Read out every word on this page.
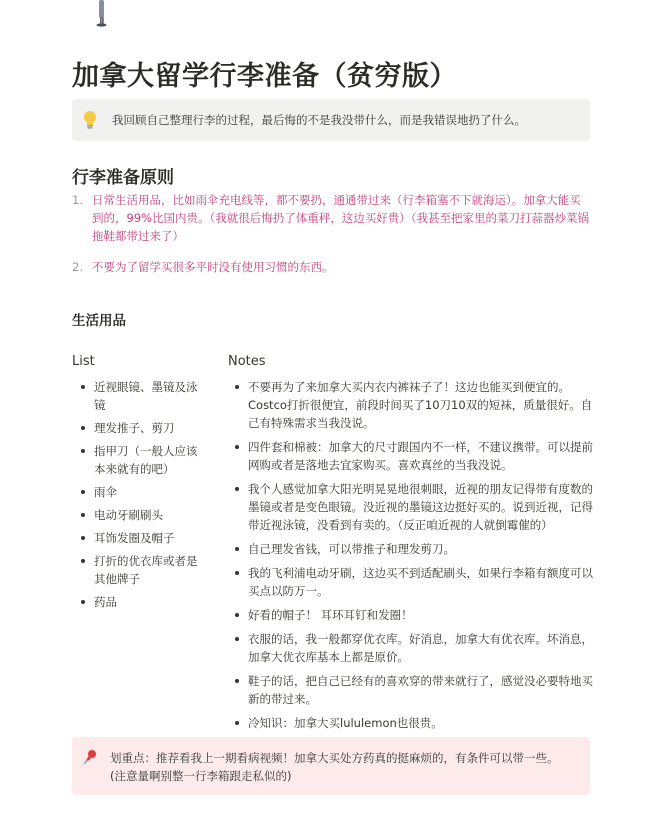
加拿大留学行李准备（贫穷版）
我回顾自己整理行李的过程，最后悔的不是我没带什么，而是我错误地扔了什么。
行李准备原则
1. 日常生活用品，比如雨伞充电线等，都不要扔，通通带过来（行李箱塞不下就海运）。加拿大能买到的，99%比国内贵。（我就很后悔扔了体重秤，这边买好贵）（我甚至把家里的菜刀打蒜器炒菜锅拖鞋都带过来了）
2. 不要为了留学买很多平时没有使用习惯的东西。
生活用品
List	Notes
近视眼镜、墨镜及泳镜
理发推子、剪刀
指甲刀（一般人应该本来就有的吧）
雨伞
电动牙刷刷头
耳饰发圈及帽子
打折的优衣库或者是其他牌子
药品
不要再为了来加拿大买内衣内裤袜子了！这边也能买到便宜的。Costco打折很便宜，前段时间买了10刀10双的短袜，质量很好。自己有特殊需求当我没说。
四件套和棉被：加拿大的尺寸跟国内不一样，不建议携带。可以提前网购或者是落地去宜家购买。喜欢真丝的当我没说。
我个人感觉加拿大阳光明晃晃地很刺眼，近视的朋友记得带有度数的墨镜或者是变色眼镜。没近视的墨镜这边挺好买的。说到近视，记得带近视泳镜，没看到有卖的。（反正咱近视的人就倒霉催的）
自己理发省钱，可以带推子和理发剪刀。
我的飞利浦电动牙刷，这边买不到适配刷头，如果行李箱有额度可以买点以防万一。
好看的帽子！ 耳环耳钉和发圈！
衣服的话，我一般都穿优衣库。好消息，加拿大有优衣库。坏消息，加拿大优衣库基本上都是原价。
鞋子的话，把自己已经有的喜欢穿的带来就行了，感觉没必要特地买新的带过来。
冷知识：加拿大买lululemon也很贵。
划重点：推荐看我上一期看病视频！加拿大买处方药真的挺麻烦的，有条件可以带一些。
(注意量啊别整一行李箱跟走私似的)
